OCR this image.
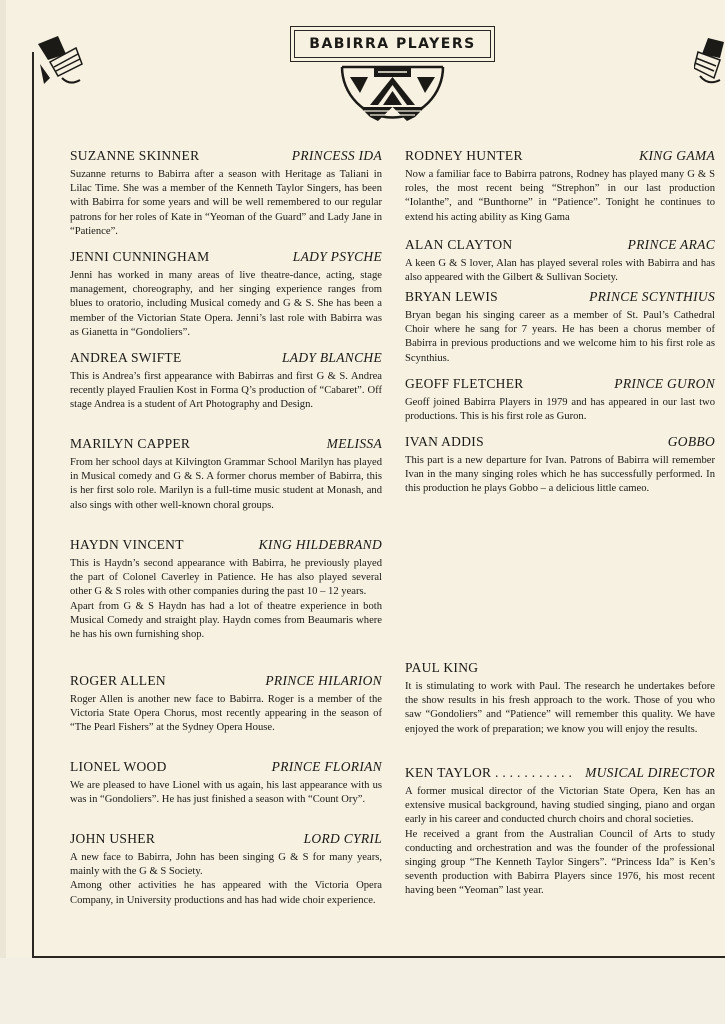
BABIRRA PLAYERS
SUZANNE SKINNER	PRINCESS IDA

Suzanne returns to Babirra after a season with Heritage as Taliani in Lilac Time. She was a member of the Kenneth Taylor Singers, has been with Babirra for some years and will be well remembered to our regular patrons for her roles of Kate in “Yeoman of the Guard” and Lady Jane in “Patience”.

JENNI CUNNINGHAM	LADY PSYCHE

Jenni has worked in many areas of live theatre-dance, acting, stage management, choreography, and her singing experience ranges from blues to oratorio, including Musical comedy and G & S. She has been a member of the Victorian State Opera. Jenni’s last role with Babirra was as Gianetta in “Gondoliers”.

ANDREA SWIFTE	LADY BLANCHE

This is Andrea’s first appearance with Babirras and first G & S. Andrea recently played Fraulien Kost in Forma Q’s production of “Cabaret”. Off stage Andrea is a student of Art Photography and Design.

MARILYN CAPPER	MELISSA

From her school days at Kilvington Grammar School Marilyn has played in Musical comedy and G & S. A former chorus member of Babirra, this is her first solo role. Marilyn is a full-time music student at Monash, and also sings with other well-known choral groups.

HAYDN VINCENT	KING HILDEBRAND

This is Haydn’s second appearance with Babirra, he previously played the part of Colonel Caverley in Patience. He has also played several other G & S roles with other companies during the past 10 – 12 years.

Apart from G & S Haydn has had a lot of theatre experience in both Musical Comedy and straight play. Haydn comes from Beaumaris where he has his own furnishing shop.

ROGER ALLEN	PRINCE HILARION

Roger Allen is another new face to Babirra. Roger is a member of the Victoria State Opera Chorus, most recently appearing in the season of “The Pearl Fishers” at the Sydney Opera House.

LIONEL WOOD	PRINCE FLORIAN

We are pleased to have Lionel with us again, his last appearance with us was in “Gondoliers”. He has just finished a season with “Count Ory”.

JOHN USHER	LORD CYRIL

A new face to Babirra, John has been singing G & S for many years, mainly with the G & S Society.

Among other activities he has appeared with the Victoria Opera Company, in University productions and has had wide choir experience.

RODNEY HUNTER	KING GAMA

Now a familiar face to Babirra patrons, Rodney has played many G & S roles, the most recent being “Strephon” in our last production “Iolanthe”, and “Bunthorne” in “Patience”. Tonight he continues to extend his acting ability as King Gama

ALAN CLAYTON	PRINCE ARAC

A keen G & S lover, Alan has played several roles with Babirra and has also appeared with the Gilbert & Sullivan Society.

BRYAN LEWIS	PRINCE SCYNTHIUS

Bryan began his singing career as a member of St. Paul’s Cathedral Choir where he sang for 7 years. He has been a chorus member of Babirra in previous productions and we welcome him to his first role as Scynthius.

GEOFF FLETCHER	PRINCE GURON

Geoff joined Babirra Players in 1979 and has appeared in our last two productions. This is his first role as Guron.

IVAN ADDIS	GOBBO

This part is a new departure for Ivan. Patrons of Babirra will remember Ivan in the many singing roles which he has successfully performed. In this production he plays Gobbo – a delicious little cameo.

PAUL KING

It is stimulating to work with Paul. The research he undertakes before the show results in his fresh approach to the work. Those of you who saw “Gondoliers” and “Patience” will remember this quality. We have enjoyed the work of preparation; we know you will enjoy the results.

KEN TAYLOR . . . . . . . . . . . MUSICAL DIRECTOR

A former musical director of the Victorian State Opera, Ken has an extensive musical background, having studied singing, piano and organ early in his career and conducted church choirs and choral societies.

He received a grant from the Australian Council of Arts to study conducting and orchestration and was the founder of the professional singing group “The Kenneth Taylor Singers”. “Princess Ida” is Ken’s seventh production with Babirra Players since 1976, his most recent having been “Yeoman” last year.
